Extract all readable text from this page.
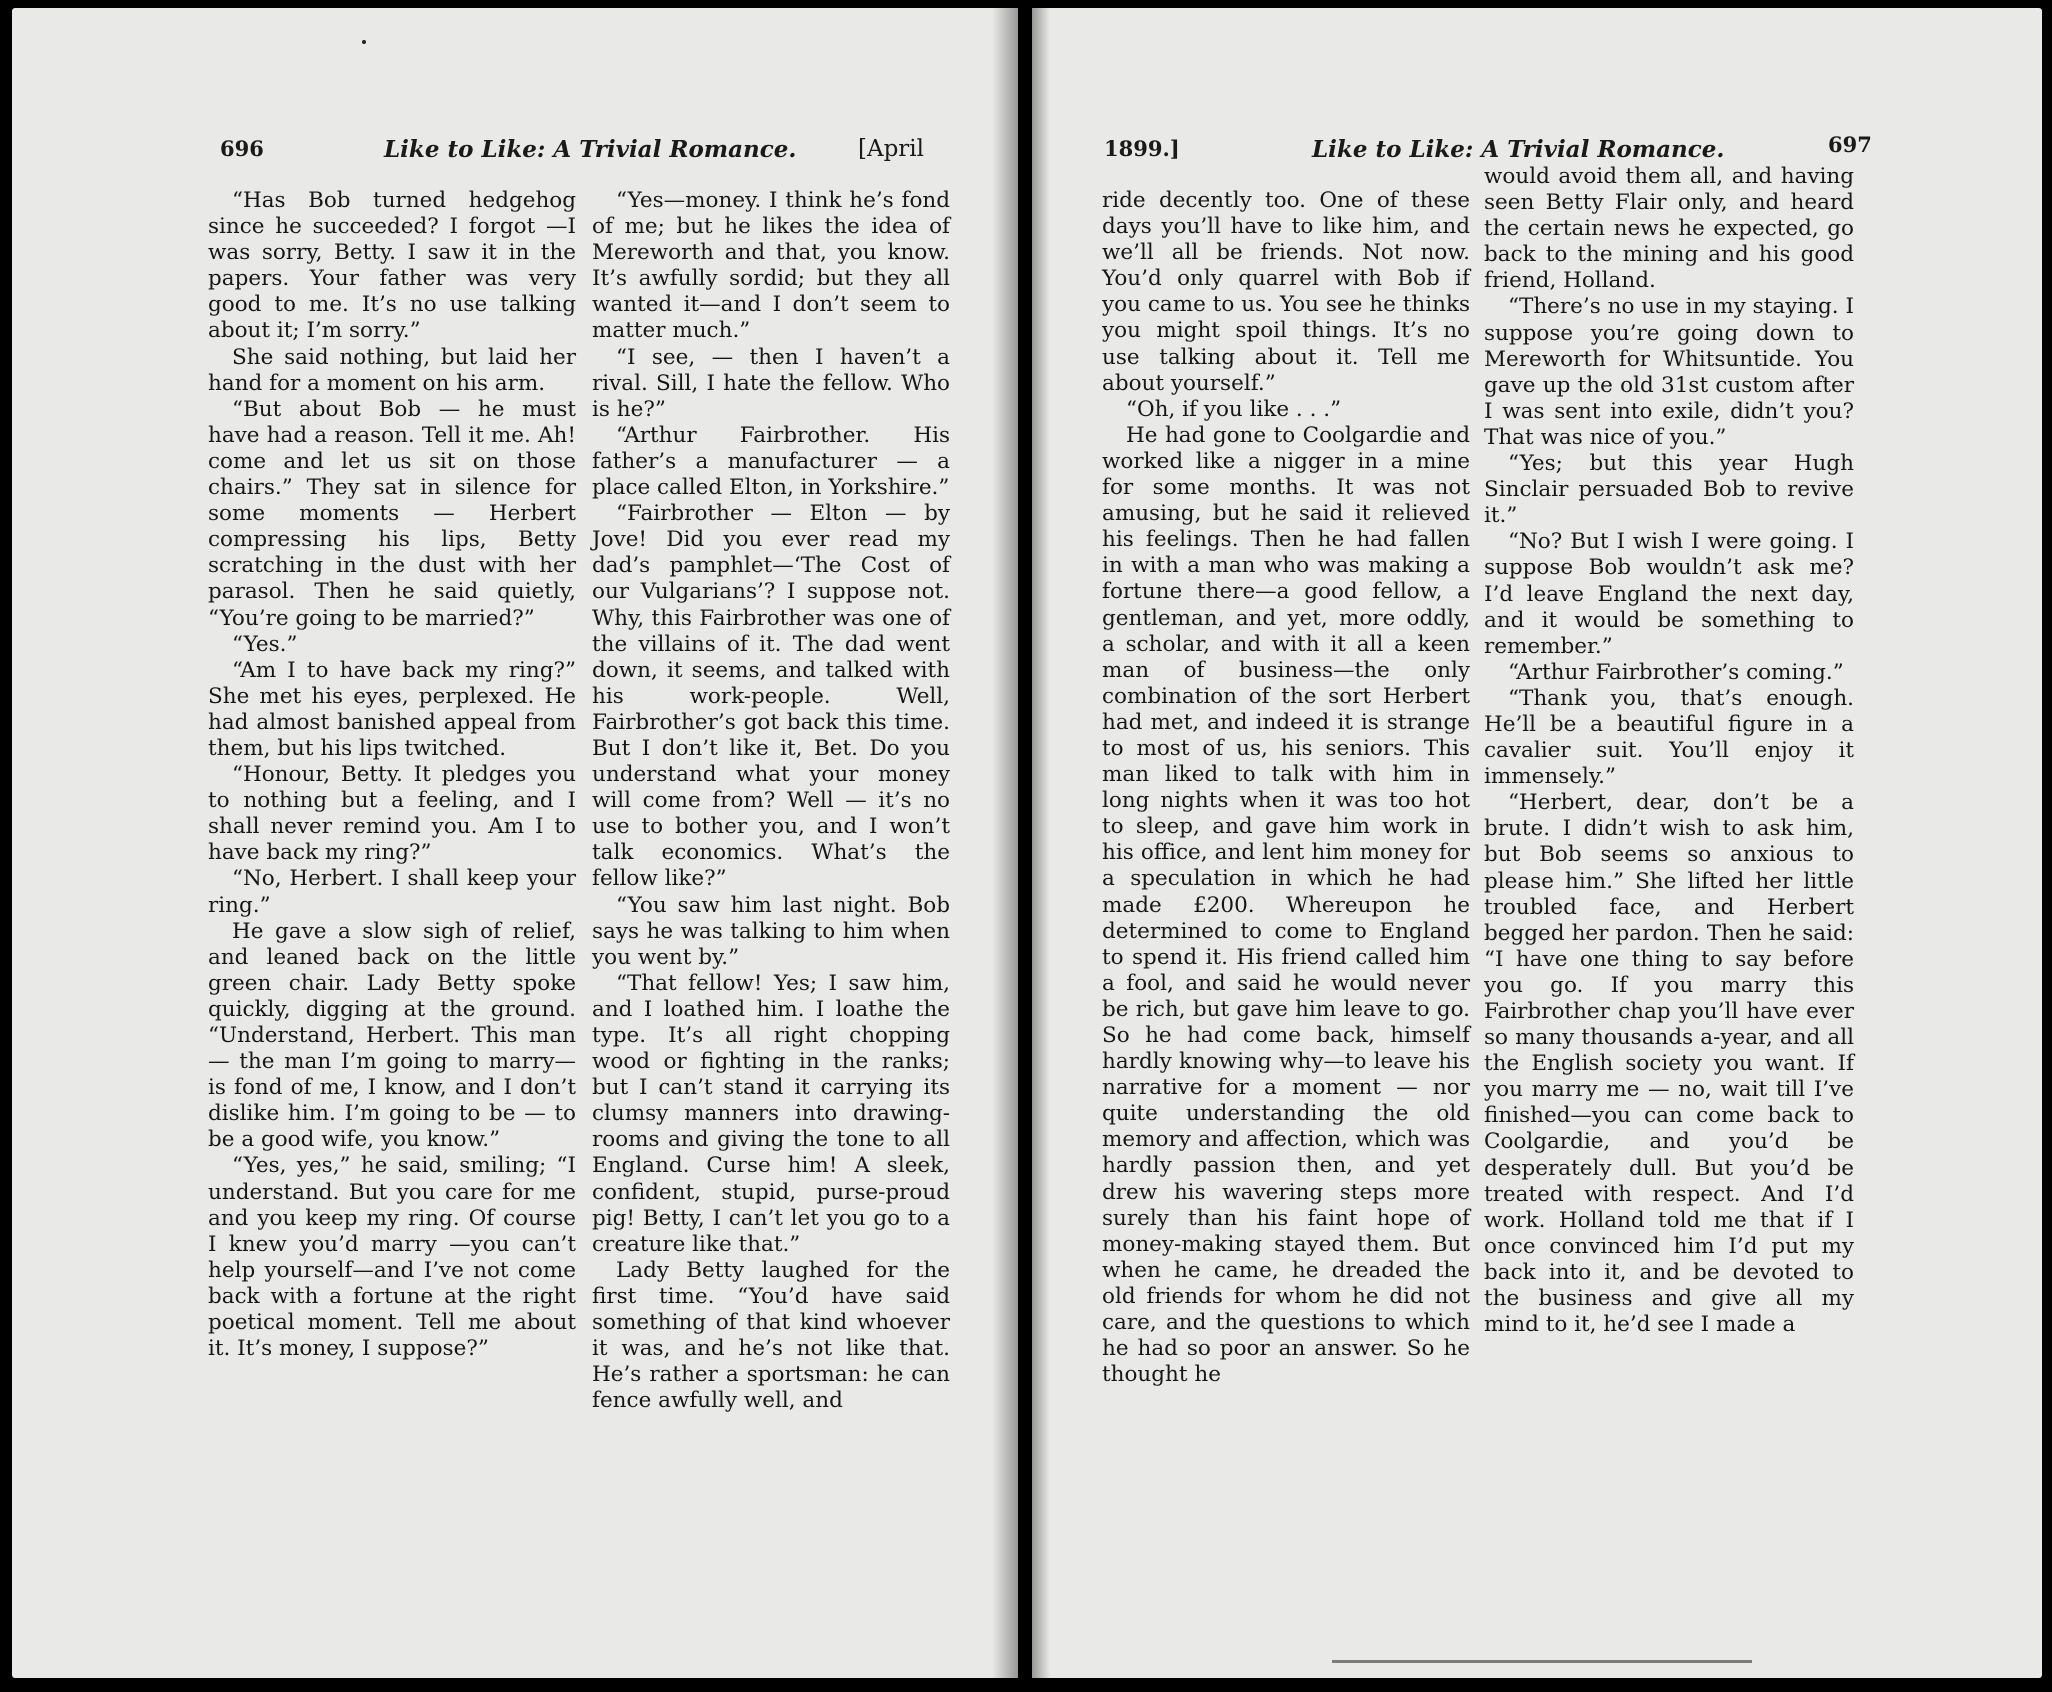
696	Like to Like: A Trivial Romance.	[April

“Has Bob turned hedgehog since he succeeded? I forgot —I was sorry, Betty. I saw it in the papers. Your father was very good to me. It’s no use talking about it; I’m sorry.”

She said nothing, but laid her hand for a moment on his arm.

“But about Bob — he must have had a reason. Tell it me. Ah! come and let us sit on those chairs.” They sat in silence for some moments — Herbert compressing his lips, Betty scratching in the dust with her parasol. Then he said quietly, “You’re going to be married?”

“Yes.”

“Am I to have back my ring?” She met his eyes, perplexed. He had almost banished appeal from them, but his lips twitched.

“Honour, Betty. It pledges you to nothing but a feeling, and I shall never remind you. Am I to have back my ring?”

“No, Herbert. I shall keep your ring.”

He gave a slow sigh of relief, and leaned back on the little green chair. Lady Betty spoke quickly, digging at the ground. “Understand, Herbert. This man — the man I’m going to marry—is fond of me, I know, and I don’t dislike him. I’m going to be — to be a good wife, you know.”

“Yes, yes,” he said, smiling; “I understand. But you care for me and you keep my ring. Of course I knew you’d marry —you can’t help yourself—and I’ve not come back with a fortune at the right poetical moment. Tell me about it. It’s money, I suppose?”

“Yes—money. I think he’s fond of me; but he likes the idea of Mereworth and that, you know. It’s awfully sordid; but they all wanted it—and I don’t seem to matter much.”

“I see, — then I haven’t a rival. Sill, I hate the fellow. Who is he?”

“Arthur Fairbrother. His father’s a manufacturer — a place called Elton, in Yorkshire.”

“Fairbrother — Elton — by Jove! Did you ever read my dad’s pamphlet—‘The Cost of our Vulgarians’? I suppose not. Why, this Fairbrother was one of the villains of it. The dad went down, it seems, and talked with his work-people. Well, Fairbrother’s got back this time. But I don’t like it, Bet. Do you understand what your money will come from? Well — it’s no use to bother you, and I won’t talk economics. What’s the fellow like?”

“You saw him last night. Bob says he was talking to him when you went by.”

“That fellow! Yes; I saw him, and I loathed him. I loathe the type. It’s all right chopping wood or fighting in the ranks; but I can’t stand it carrying its clumsy manners into drawing-rooms and giving the tone to all England. Curse him! A sleek, confident, stupid, purse-proud pig! Betty, I can’t let you go to a creature like that.”

Lady Betty laughed for the first time. “You’d have said something of that kind whoever it was, and he’s not like that. He’s rather a sportsman: he can fence awfully well, and

1899.]	Like to Like: A Trivial Romance.	697

ride decently too. One of these days you’ll have to like him, and we’ll all be friends. Not now. You’d only quarrel with Bob if you came to us. You see he thinks you might spoil things. It’s no use talking about it. Tell me about yourself.”

“Oh, if you like . . .”

He had gone to Coolgardie and worked like a nigger in a mine for some months. It was not amusing, but he said it relieved his feelings. Then he had fallen in with a man who was making a fortune there—a good fellow, a gentleman, and yet, more oddly, a scholar, and with it all a keen man of business—the only combination of the sort Herbert had met, and indeed it is strange to most of us, his seniors. This man liked to talk with him in long nights when it was too hot to sleep, and gave him work in his office, and lent him money for a speculation in which he had made £200. Whereupon he determined to come to England to spend it. His friend called him a fool, and said he would never be rich, but gave him leave to go. So he had come back, himself hardly knowing why—to leave his narrative for a moment — nor quite understanding the old memory and affection, which was hardly passion then, and yet drew his wavering steps more surely than his faint hope of money-making stayed them. But when he came, he dreaded the old friends for whom he did not care, and the questions to which he had so poor an answer. So he thought he

would avoid them all, and having seen Betty Flair only, and heard the certain news he expected, go back to the mining and his good friend, Holland.

“There’s no use in my staying. I suppose you’re going down to Mereworth for Whitsuntide. You gave up the old 31st custom after I was sent into exile, didn’t you? That was nice of you.”

“Yes; but this year Hugh Sinclair persuaded Bob to revive it.”

“No? But I wish I were going. I suppose Bob wouldn’t ask me? I’d leave England the next day, and it would be something to remember.”

“Arthur Fairbrother’s coming.”

“Thank you, that’s enough. He’ll be a beautiful figure in a cavalier suit. You’ll enjoy it immensely.”

“Herbert, dear, don’t be a brute. I didn’t wish to ask him, but Bob seems so anxious to please him.” She lifted her little troubled face, and Herbert begged her pardon. Then he said: “I have one thing to say before you go. If you marry this Fairbrother chap you’ll have ever so many thousands a-year, and all the English society you want. If you marry me — no, wait till I’ve finished—you can come back to Coolgardie, and you’d be desperately dull. But you’d be treated with respect. And I’d work. Holland told me that if I once convinced him I’d put my back into it, and be devoted to the business and give all my mind to it, he’d see I made a
